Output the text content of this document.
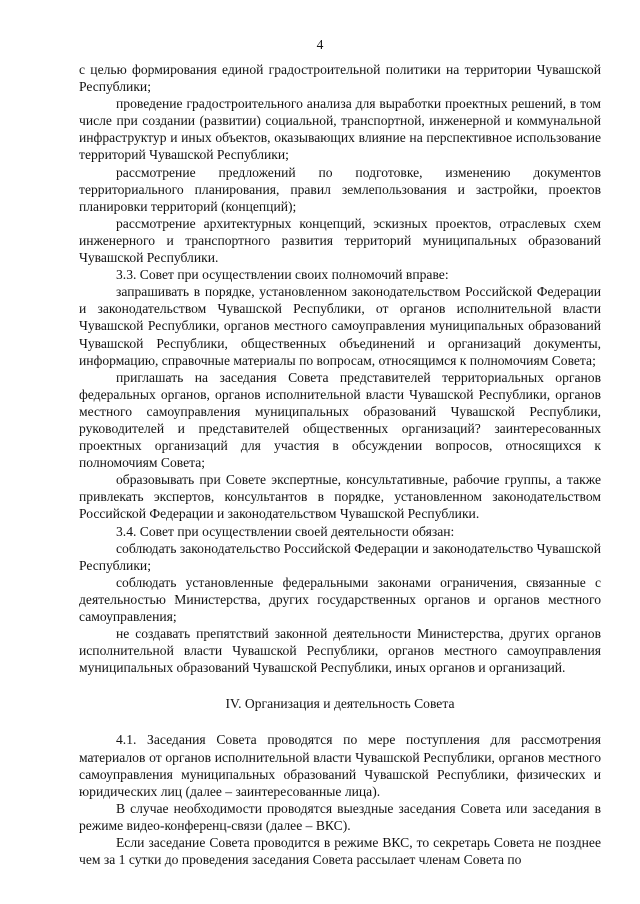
4

с целью формирования единой градостроительной политики на территории Чувашской Республики;

проведение градостроительного анализа для выработки проектных решений, в том числе при создании (развитии) социальной, транспортной, инженерной и коммунальной инфраструктур и иных объектов, оказывающих влияние на перспективное использование территорий Чувашской Республики;

рассмотрение предложений по подготовке, изменению документов территориального планирования, правил землепользования и застройки, проектов планировки территорий (концепций);

рассмотрение архитектурных концепций, эскизных проектов, отраслевых схем инженерного и транспортного развития территорий муниципальных образований Чувашской Республики.

3.3. Совет при осуществлении своих полномочий вправе:

запрашивать в порядке, установленном законодательством Российской Федерации и законодательством Чувашской Республики, от органов исполнительной власти Чувашской Республики, органов местного самоуправления муниципальных образований Чувашской Республики, общественных объединений и организаций документы, информацию, справочные материалы по вопросам, относящимся к полномочиям Совета;

приглашать на заседания Совета представителей территориальных органов федеральных органов, органов исполнительной власти Чувашской Республики, органов местного самоуправления муниципальных образований Чувашской Республики, руководителей и представителей общественных организаций? заинтересованных проектных организаций для участия в обсуждении вопросов, относящихся к полномочиям Совета;

образовывать при Совете экспертные, консультативные, рабочие группы, а также привлекать экспертов, консультантов в порядке, установленном законодательством Российской Федерации и законодательством Чувашской Республики.

3.4. Совет при осуществлении своей деятельности обязан:

соблюдать законодательство Российской Федерации и законодательство Чувашской Республики;

соблюдать установленные федеральными законами ограничения, связанные с деятельностью Министерства, других государственных органов и органов местного самоуправления;

не создавать препятствий законной деятельности Министерства, других органов исполнительной власти Чувашской Республики, органов местного самоуправления муниципальных образований Чувашской Республики, иных органов и организаций.

IV. Организация и деятельность Совета

4.1. Заседания Совета проводятся по мере поступления для рассмотрения материалов от органов исполнительной власти Чувашской Республики, органов местного самоуправления муниципальных образований Чувашской Республики, физических и юридических лиц (далее – заинтересованные лица).

В случае необходимости проводятся выездные заседания Совета или заседания в режиме видео-конференц-связи (далее – ВКС).

Если заседание Совета проводится в режиме ВКС, то секретарь Совета не позднее чем за 1 сутки до проведения заседания Совета рассылает членам Совета по
